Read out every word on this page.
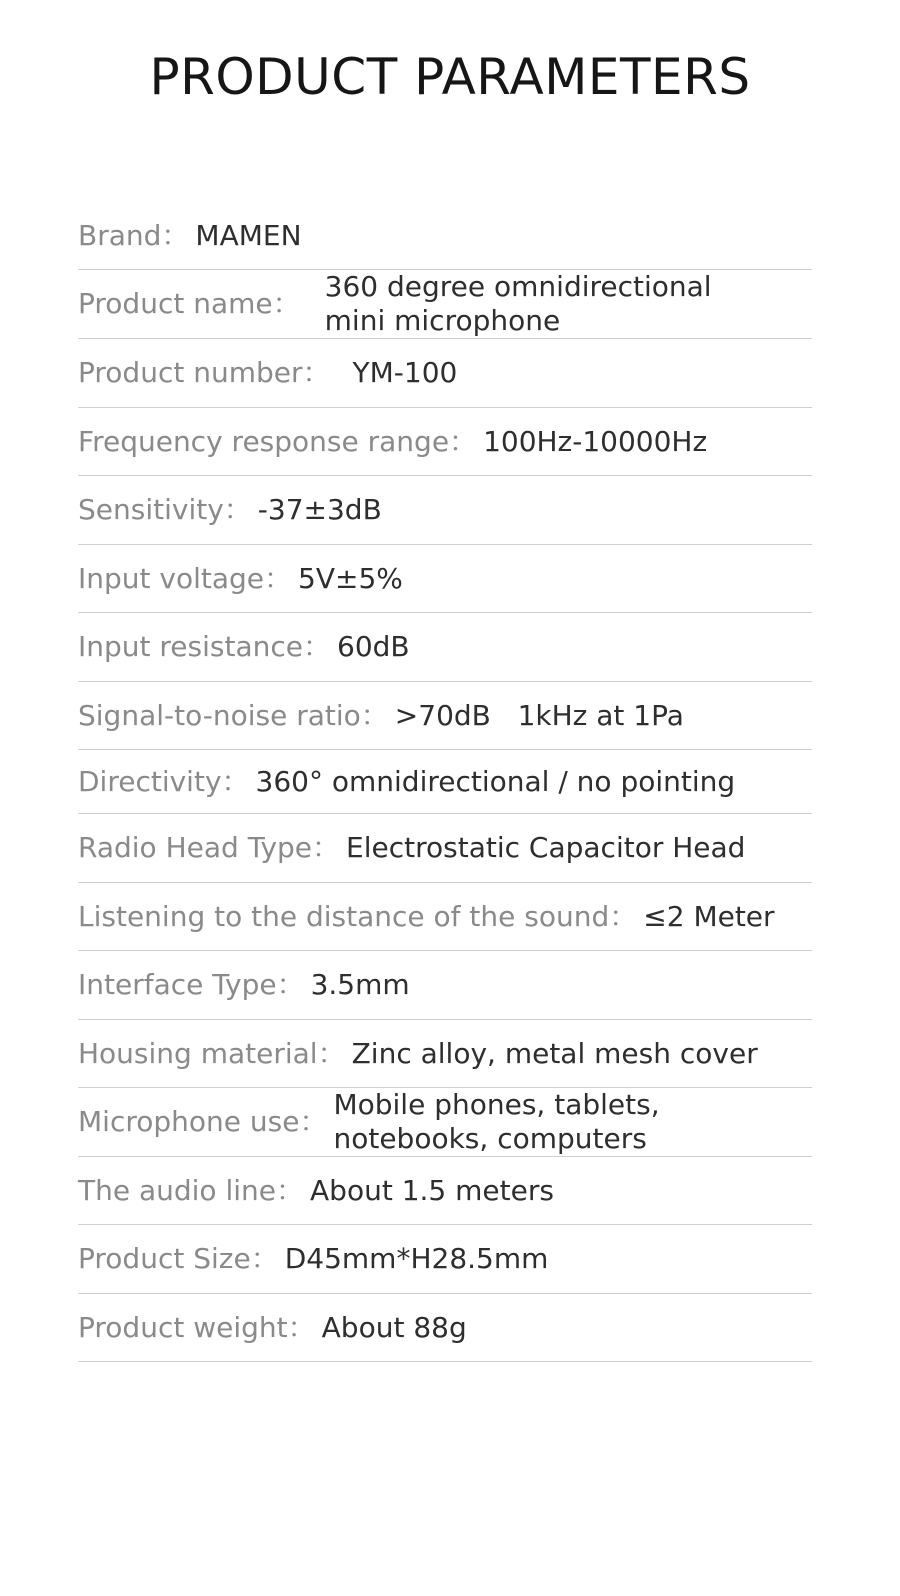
PRODUCT PARAMETERS
Brand ： MAMEN
Product name ：
360 degree omnidirectional mini microphone
Product number ： YM-100
Frequency response range ： 100Hz-10000Hz
Sensitivity ： -37±3dB
Input voltage ： 5V±5%
Input resistance ： 60dB
Signal-to-noise ratio ： >70dB   1kHz at 1Pa
Directivity ： 360° omnidirectional / no pointing
Radio Head Type ： Electrostatic Capacitor Head
Listening to the distance of the sound ： ≤2 Meter
Interface Type ： 3.5mm
Housing material ： Zinc alloy, metal mesh cover
Microphone use ：
Mobile phones, tablets, notebooks, computers
The audio line ： About 1.5 meters
Product Size ： D45mm*H28.5mm
Product weight ： About 88g
